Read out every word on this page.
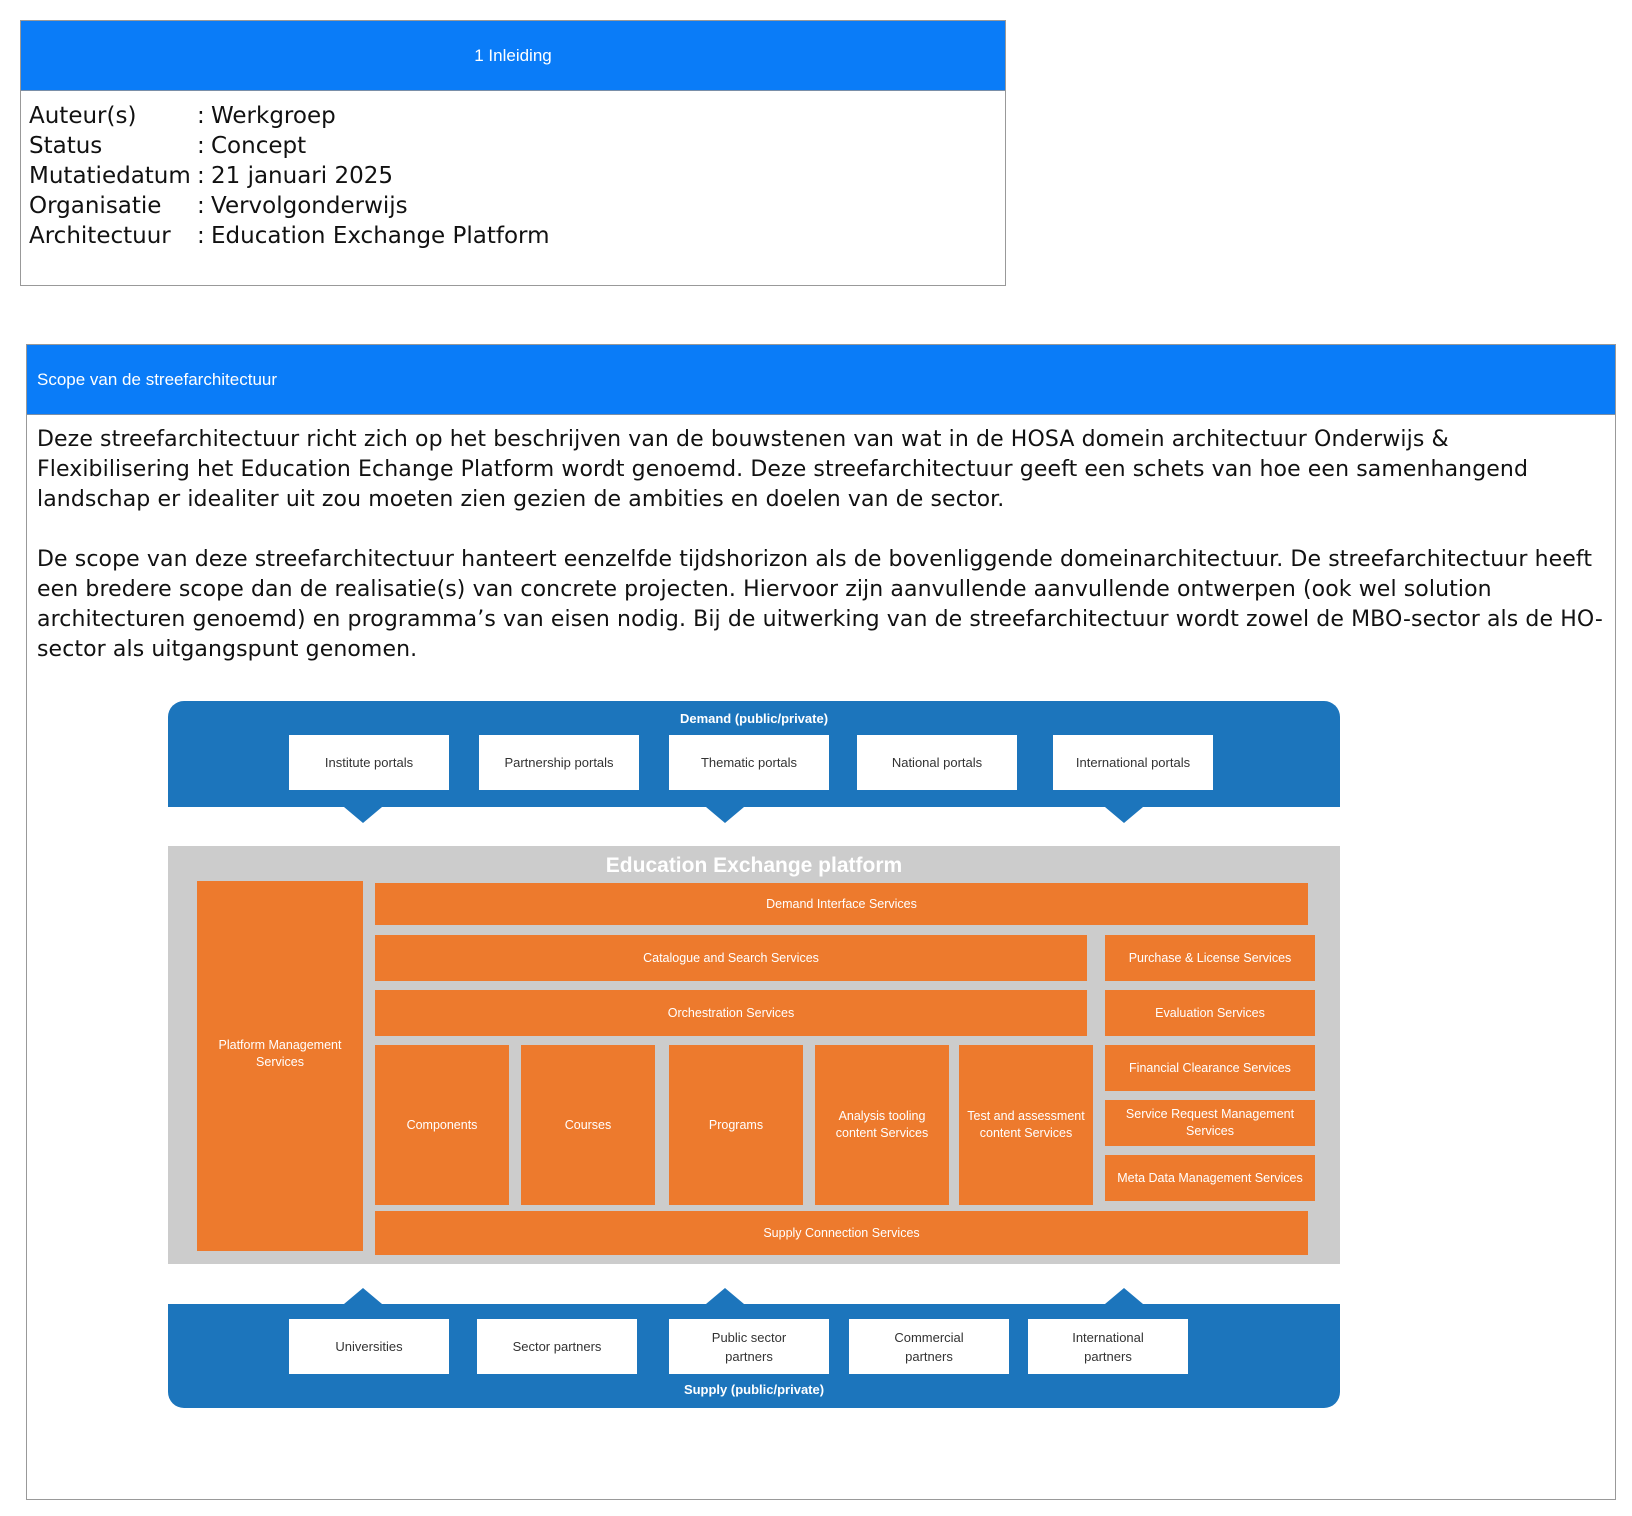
1 Inleiding
Auteur(s)	: Werkgroep
Status	: Concept
Mutatiedatum : 21 januari 2025
Organisatie	: Vervolgonderwijs
Architectuur	: Education Exchange Platform
Scope van de streefarchitectuur

Deze streefarchitectuur richt zich op het beschrijven van de bouwstenen van wat in de HOSA domein architectuur Onderwijs & Flexibilisering het Education Echange Platform wordt genoemd. Deze streefarchitectuur geeft een schets van hoe een samenhangend landschap er idealiter uit zou moeten zien gezien de ambities en doelen van de sector.

De scope van deze streefarchitectuur hanteert eenzelfde tijdshorizon als de bovenliggende domeinarchitectuur. De streefarchitectuur heeft een bredere scope dan de realisatie(s) van concrete projecten. Hiervoor zijn aanvullende aanvullende ontwerpen (ook wel solution architecturen genoemd) en programma’s van eisen nodig. Bij de uitwerking van de streefarchitectuur wordt zowel de MBO-sector als de HO-sector als uitgangspunt genomen.

Demand (public/private)
Institute portals	Partnership portals	Thematic portals	National portals	International portals
Education Exchange platform
Platform Management Services
Demand Interface Services
Catalogue and Search Services
Orchestration Services
Components	Courses	Programs
Analysis tooling content Services
Test and assessment content Services
Purchase & License Services
Evaluation Services
Financial Clearance Services
Service Request Management Services
Meta Data Management Services
Supply Connection Services
Supply (public/private)
Universities	Sector partners
Public sector partners
Commercial partners
International partners
